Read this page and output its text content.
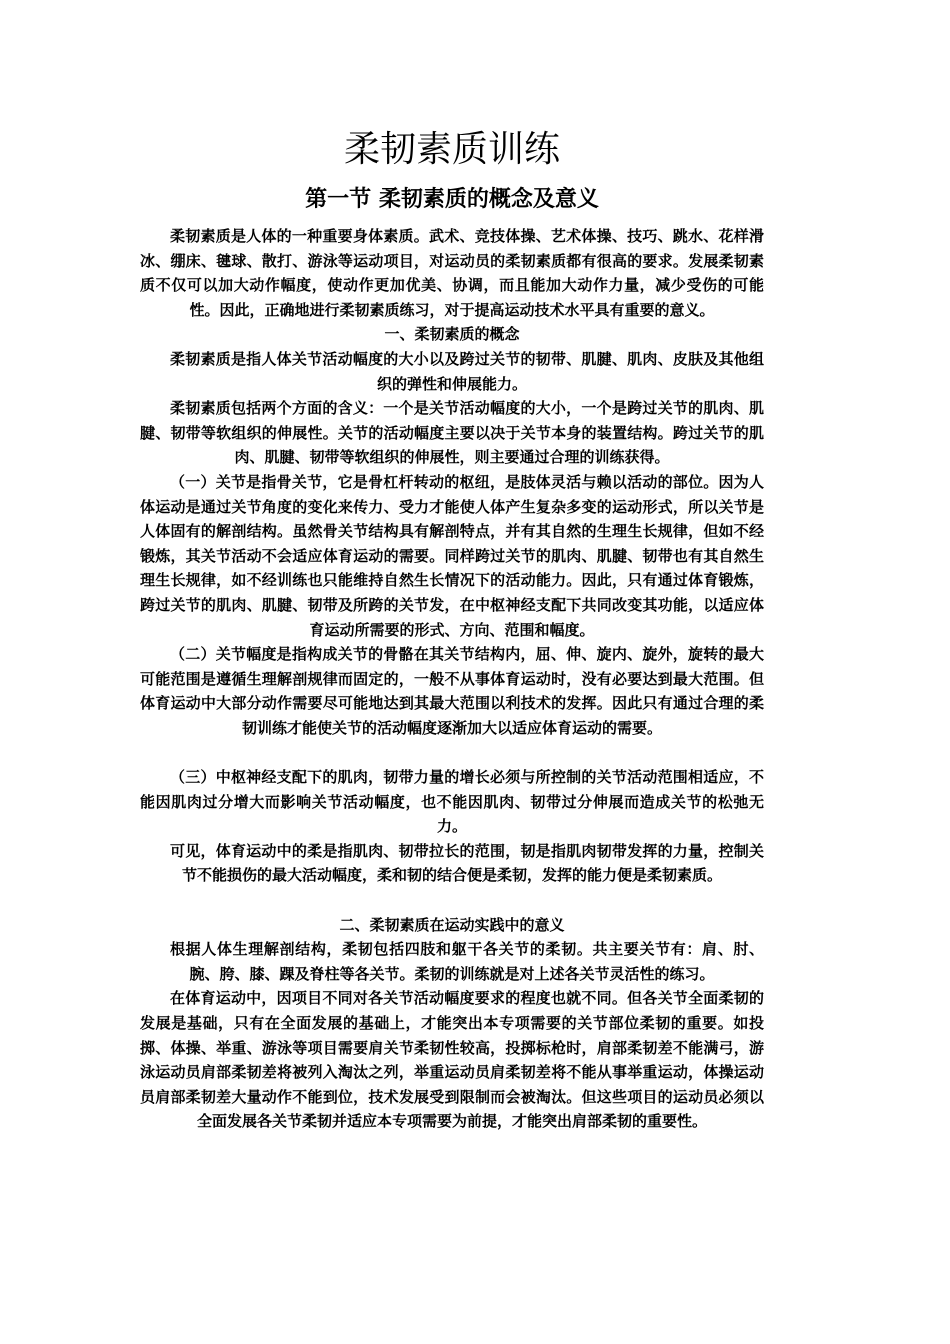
柔韧素质训练
第一节 柔韧素质的概念及意义

柔韧素质是人体的一种重要身体素质。武术、竞技体操、艺术体操、技巧、跳水、花样滑冰、绷床、毽球、散打、游泳等运动项目，对运动员的柔韧素质都有很高的要求。发展柔韧素质不仅可以加大动作幅度，使动作更加优美、协调，而且能加大动作力量，减少受伤的可能性。因此，正确地进行柔韧素质练习，对于提高运动技术水平具有重要的意义。

一、柔韧素质的概念

柔韧素质是指人体关节活动幅度的大小以及跨过关节的韧带、肌腱、肌肉、皮肤及其他组织的弹性和伸展能力。

柔韧素质包括两个方面的含义：一个是关节活动幅度的大小，一个是跨过关节的肌肉、肌腱、韧带等软组织的伸展性。关节的活动幅度主要以决于关节本身的装置结构。跨过关节的肌肉、肌腱、韧带等软组织的伸展性，则主要通过合理的训练获得。

（一）关节是指骨关节，它是骨杠杆转动的枢纽，是肢体灵活与赖以活动的部位。因为人体运动是通过关节角度的变化来传力、受力才能使人体产生复杂多变的运动形式，所以关节是人体固有的解剖结构。虽然骨关节结构具有解剖特点，并有其自然的生理生长规律，但如不经锻炼，其关节活动不会适应体育运动的需要。同样跨过关节的肌肉、肌腱、韧带也有其自然生理生长规律，如不经训练也只能维持自然生长情况下的活动能力。因此，只有通过体育锻炼，跨过关节的肌肉、肌腱、韧带及所跨的关节发，在中枢神经支配下共同改变其功能，以适应体育运动所需要的形式、方向、范围和幅度。

（二）关节幅度是指构成关节的骨骼在其关节结构内，屈、伸、旋内、旋外，旋转的最大可能范围是遵循生理解剖规律而固定的，一般不从事体育运动时，没有必要达到最大范围。但体育运动中大部分动作需要尽可能地达到其最大范围以利技术的发挥。因此只有通过合理的柔韧训练才能使关节的活动幅度逐渐加大以适应体育运动的需要。

（三）中枢神经支配下的肌肉，韧带力量的增长必须与所控制的关节活动范围相适应，不能因肌肉过分增大而影响关节活动幅度，也不能因肌肉、韧带过分伸展而造成关节的松弛无力。

可见，体育运动中的柔是指肌肉、韧带拉长的范围，韧是指肌肉韧带发挥的力量，控制关节不能损伤的最大活动幅度，柔和韧的结合便是柔韧，发挥的能力便是柔韧素质。

二、柔韧素质在运动实践中的意义

根据人体生理解剖结构，柔韧包括四肢和躯干各关节的柔韧。共主要关节有：肩、肘、腕、胯、膝、踝及脊柱等各关节。柔韧的训练就是对上述各关节灵活性的练习。

在体育运动中，因项目不同对各关节活动幅度要求的程度也就不同。但各关节全面柔韧的发展是基础，只有在全面发展的基础上，才能突出本专项需要的关节部位柔韧的重要。如投掷、体操、举重、游泳等项目需要肩关节柔韧性较高，投掷标枪时，肩部柔韧差不能满弓，游泳运动员肩部柔韧差将被列入淘汰之列，举重运动员肩柔韧差将不能从事举重运动，体操运动员肩部柔韧差大量动作不能到位，技术发展受到限制而会被淘汰。但这些项目的运动员必须以全面发展各关节柔韧并适应本专项需要为前提，才能突出肩部柔韧的重要性。
